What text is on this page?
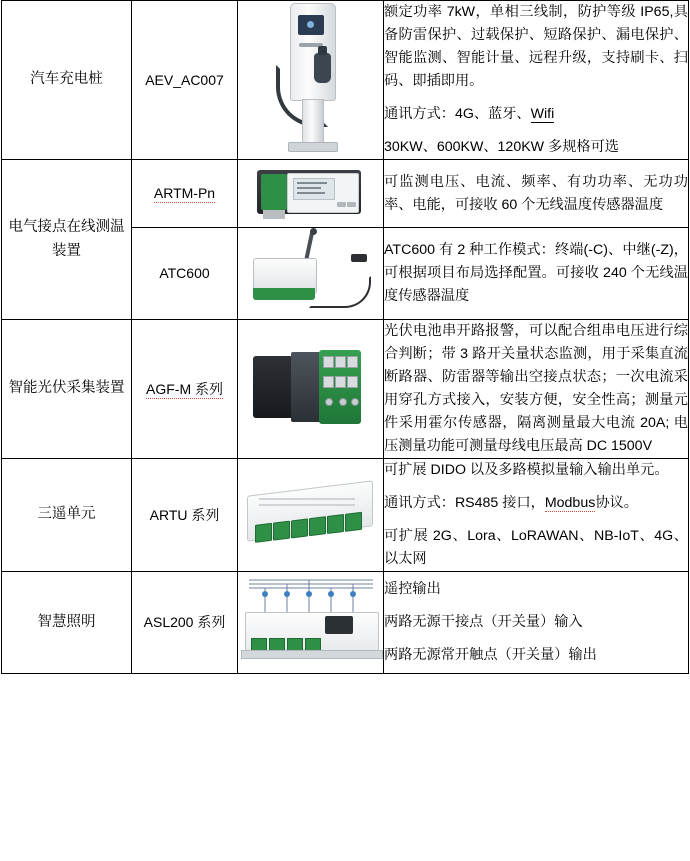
汽车充电桩	AEV_AC007		额定功率 7kW，单相三线制，防护等级 IP65,具备防雷保护、过载保护、短路保护、漏电保护、智能监测、智能计量、远程升级，支持刷卡、扫码、即插即用。

通讯方式：4G、蓝牙、Wifi

30KW、600KW、120KW 多规格可选

电气接点在线测温装置	ARTM-Pn		可监测电压、电流、频率、有功功率、无功功率、电能，可接收 60 个无线温度传感器温度

	ATC600		ATC600 有 2 种工作模式：终端(-C)、中继(-Z)，可根据项目布局选择配置。可接收 240 个无线温度传感器温度

智能光伏采集装置	AGF-M 系列		光伏电池串开路报警，可以配合组串电压进行综合判断；带 3 路开关量状态监测，用于采集直流断路器、防雷器等输出空接点状态；一次电流采用穿孔方式接入，安装方便，安全性高；测量元件采用霍尔传感器，隔离测量最大电流 20A; 电压测量功能可测量母线电压最高 DC 1500V

三遥单元	ARTU 系列		可扩展 DIDO 以及多路模拟量输入输出单元。

通讯方式：RS485 接口，Modbus协议。

可扩展 2G、Lora、LoRAWAN、NB-IoT、4G、以太网

智慧照明	ASL200 系列		遥控输出

两路无源干接点（开关量）输入

两路无源常开触点（开关量）输出
